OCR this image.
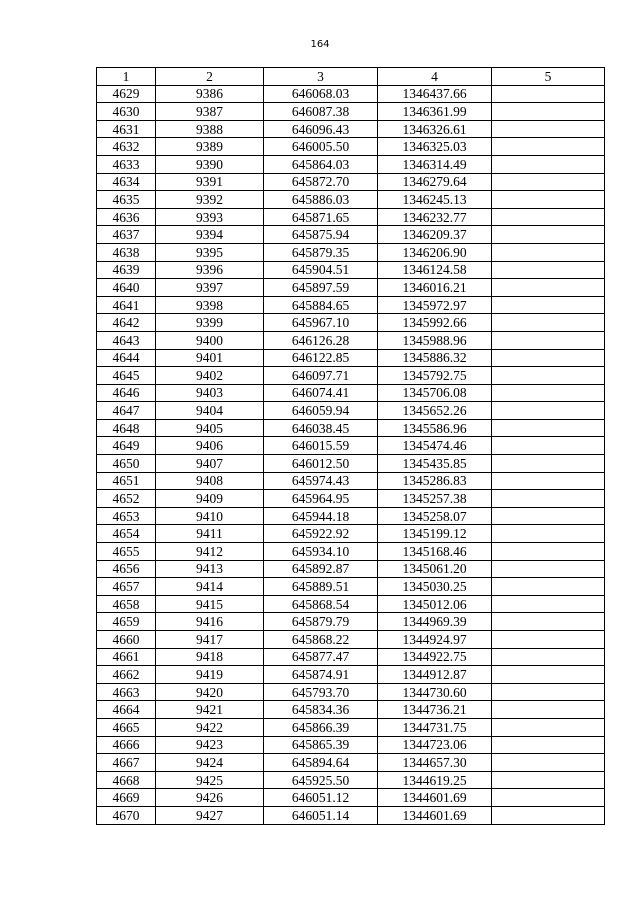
164
1	2	3	4	5
4629	9386	646068.03	1346437.66	
4630	9387	646087.38	1346361.99	
4631	9388	646096.43	1346326.61	
4632	9389	646005.50	1346325.03	
4633	9390	645864.03	1346314.49	
4634	9391	645872.70	1346279.64	
4635	9392	645886.03	1346245.13	
4636	9393	645871.65	1346232.77	
4637	9394	645875.94	1346209.37	
4638	9395	645879.35	1346206.90	
4639	9396	645904.51	1346124.58	
4640	9397	645897.59	1346016.21	
4641	9398	645884.65	1345972.97	
4642	9399	645967.10	1345992.66	
4643	9400	646126.28	1345988.96	
4644	9401	646122.85	1345886.32	
4645	9402	646097.71	1345792.75	
4646	9403	646074.41	1345706.08	
4647	9404	646059.94	1345652.26	
4648	9405	646038.45	1345586.96	
4649	9406	646015.59	1345474.46	
4650	9407	646012.50	1345435.85	
4651	9408	645974.43	1345286.83	
4652	9409	645964.95	1345257.38	
4653	9410	645944.18	1345258.07	
4654	9411	645922.92	1345199.12	
4655	9412	645934.10	1345168.46	
4656	9413	645892.87	1345061.20	
4657	9414	645889.51	1345030.25	
4658	9415	645868.54	1345012.06	
4659	9416	645879.79	1344969.39	
4660	9417	645868.22	1344924.97	
4661	9418	645877.47	1344922.75	
4662	9419	645874.91	1344912.87	
4663	9420	645793.70	1344730.60	
4664	9421	645834.36	1344736.21	
4665	9422	645866.39	1344731.75	
4666	9423	645865.39	1344723.06	
4667	9424	645894.64	1344657.30	
4668	9425	645925.50	1344619.25	
4669	9426	646051.12	1344601.69	
4670	9427	646051.14	1344601.69	
